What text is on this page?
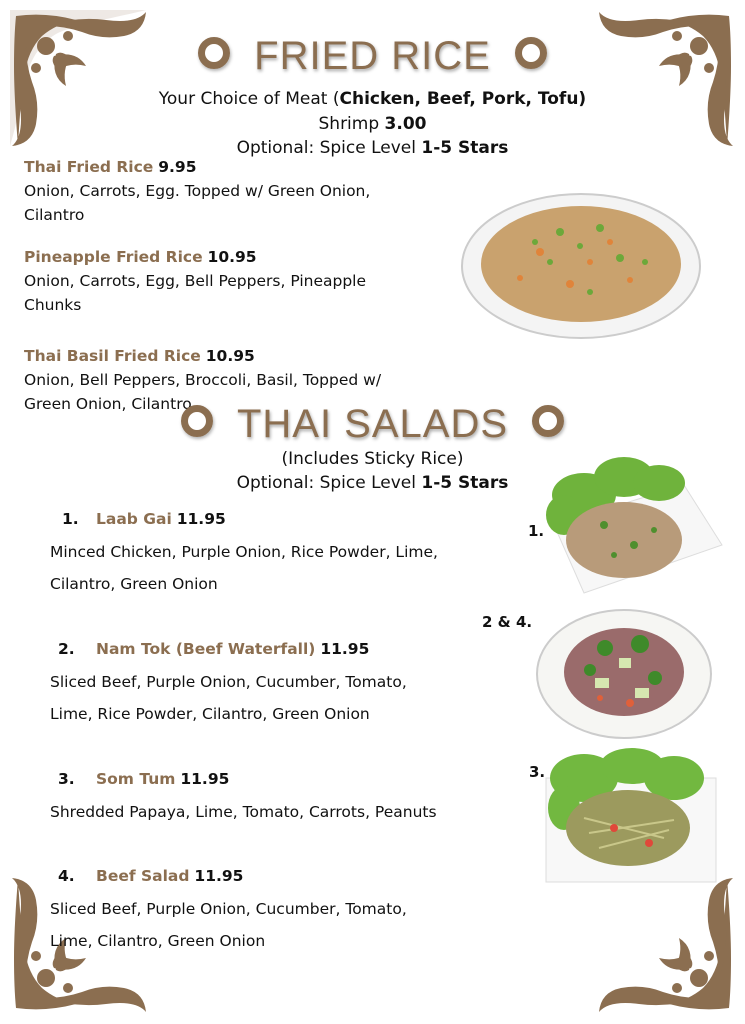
FRIED RICE
Your Choice of Meat (Chicken, Beef, Pork, Tofu)
Shrimp 3.00
Optional: Spice Level 1-5 Stars
Thai Fried Rice 9.95
Onion, Carrots, Egg. Topped w/ Green Onion,
Cilantro
Pineapple Fried Rice 10.95
Onion, Carrots, Egg, Bell Peppers, Pineapple
Chunks
Thai Basil Fried Rice 10.95
Onion, Bell Peppers, Broccoli, Basil, Topped w/
Green Onion, Cilantro	THAI SALADS
(Includes Sticky Rice)
Optional: Spice Level 1-5 Stars
1. Laab Gai 11.95
Minced Chicken, Purple Onion, Rice Powder, Lime,
Cilantro, Green Onion
2. Nam Tok (Beef Waterfall) 11.95
Sliced Beef, Purple Onion, Cucumber, Tomato,
Lime, Rice Powder, Cilantro, Green Onion
3. Som Tum 11.95
Shredded Papaya, Lime, Tomato, Carrots, Peanuts
4. Beef Salad 11.95
Sliced Beef, Purple Onion, Cucumber, Tomato,
Lime, Cilantro, Green Onion
1.
2 & 4.
3.
